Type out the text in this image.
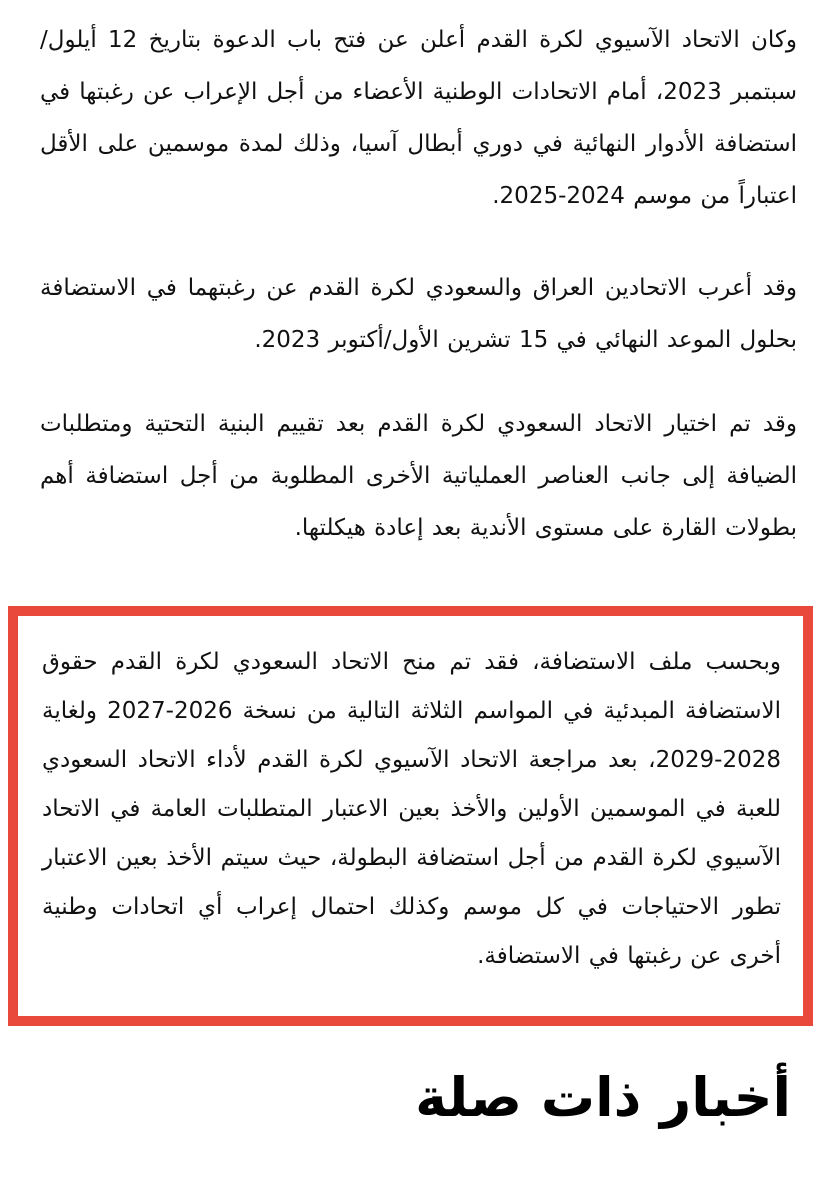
وكان الاتحاد الآسيوي لكرة القدم أعلن عن فتح باب الدعوة بتاريخ 12 أيلول/سبتمبر 2023، أمام الاتحادات الوطنية الأعضاء من أجل الإعراب عن رغبتها في استضافة الأدوار النهائية في دوري أبطال آسيا، وذلك لمدة موسمين على الأقل اعتباراً من موسم 2024-2025.

وقد أعرب الاتحادين العراق والسعودي لكرة القدم عن رغبتهما في الاستضافة بحلول الموعد النهائي في 15 تشرين الأول/أكتوبر 2023.

وقد تم اختيار الاتحاد السعودي لكرة القدم بعد تقييم البنية التحتية ومتطلبات الضيافة إلى جانب العناصر العملياتية الأخرى المطلوبة من أجل استضافة أهم بطولات القارة على مستوى الأندية بعد إعادة هيكلتها.

وبحسب ملف الاستضافة، فقد تم منح الاتحاد السعودي لكرة القدم حقوق الاستضافة المبدئية في المواسم الثلاثة التالية من نسخة 2026-2027 ولغاية 2028-2029، بعد مراجعة الاتحاد الآسيوي لكرة القدم لأداء الاتحاد السعودي للعبة في الموسمين الأولين والأخذ بعين الاعتبار المتطلبات العامة في الاتحاد الآسيوي لكرة القدم من أجل استضافة البطولة، حيث سيتم الأخذ بعين الاعتبار تطور الاحتياجات في كل موسم وكذلك احتمال إعراب أي اتحادات وطنية أخرى عن رغبتها في الاستضافة.

أخبار ذات صلة
